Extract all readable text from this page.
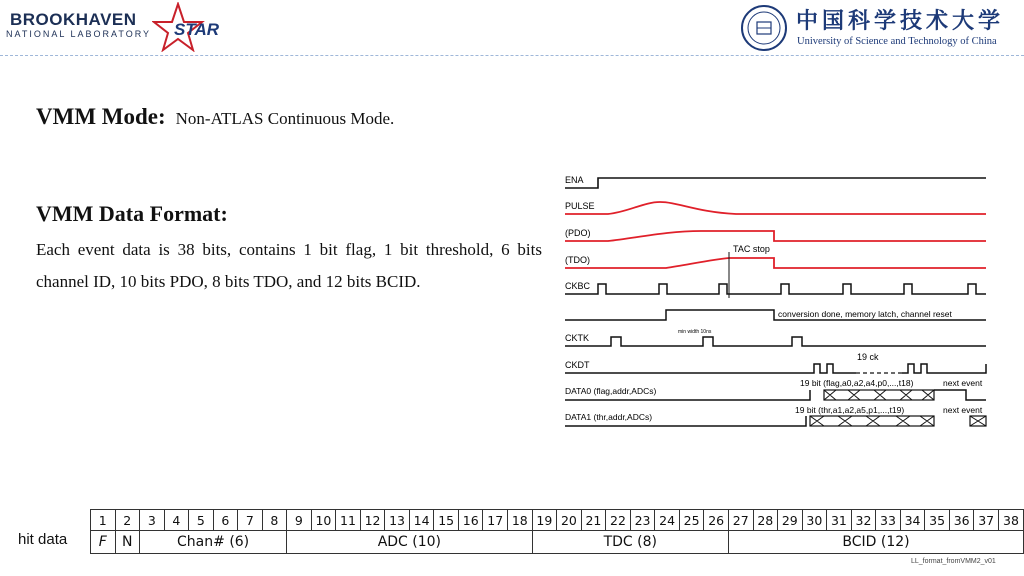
BROOKHAVEN
NATIONAL LABORATORY STAR	中国科学技术大学
University of Science and Technology of China
VMM Mode: Non-ATLAS Continuous Mode.
VMM Data Format:
Each event data is 38 bits, contains 1 bit flag, 1 bit threshold, 6 bits channel ID, 10 bits PDO, 8 bits TDO, and 12 bits BCID.
ENA
PULSE
(PDO)
(TDO)
CKBC
CKTK
CKDT
DATA0 (flag,addr,ADCs)
DATA1 (thr,addr,ADCs)
TAC stop
conversion done, memory latch, channel reset
min width 10ns
19 ck
19 bit (flag,a0,a2,a4,p0,...,t18)	next event
19 bit (thr,a1,a2,a5,p1,...,t19)	next event
hit data
1	2	3	4	5	6	7	8	9	10	11	12	13	14	15	16	17	18	19	20	21	22	23	24	25	26	27	28	29	30	31	32	33	34	35	36	37	38
F	N	Chan# (6)						ADC (10)										TDC (8)								BCID (12)											
LL_format_fromVMM2_v01
